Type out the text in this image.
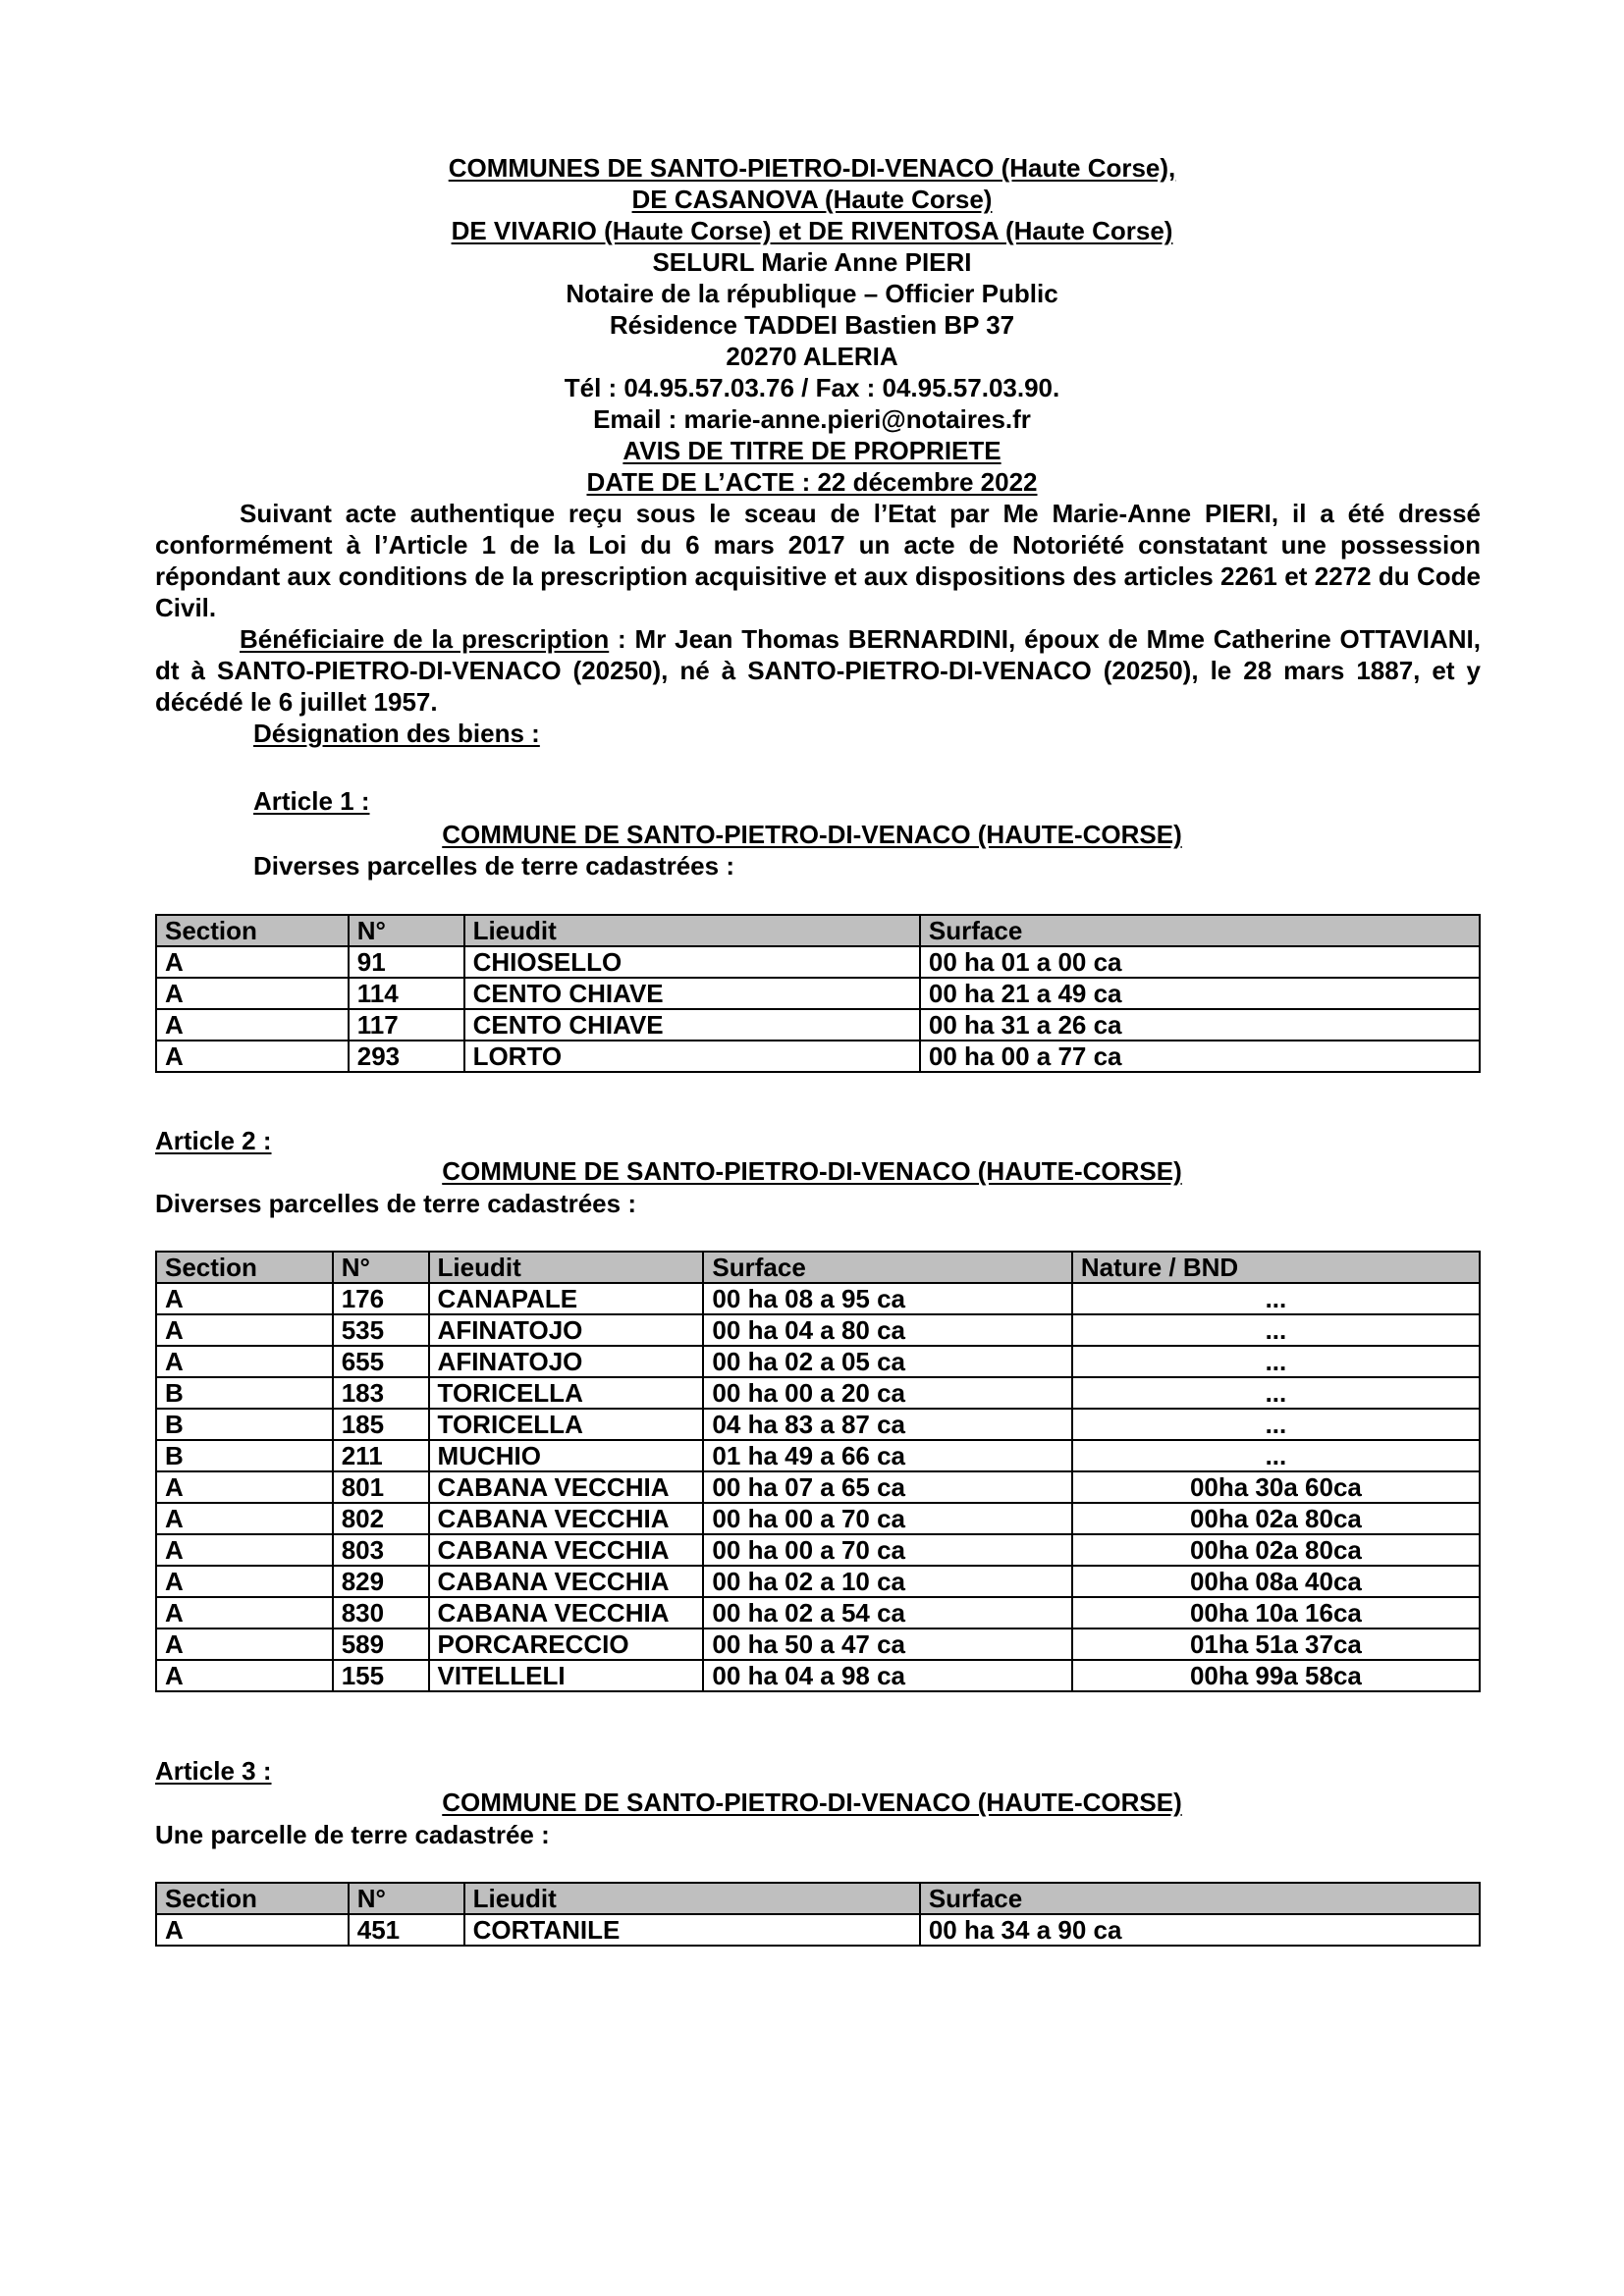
COMMUNES DE SANTO-PIETRO-DI-VENACO (Haute Corse),
DE CASANOVA (Haute Corse)
DE VIVARIO (Haute Corse) et DE RIVENTOSA (Haute Corse)
SELURL Marie Anne PIERI
Notaire de la république – Officier Public
Résidence TADDEI Bastien BP 37
20270 ALERIA
Tél : 04.95.57.03.76 / Fax : 04.95.57.03.90.
Email : marie-anne.pieri@notaires.fr
AVIS DE TITRE DE PROPRIETE
DATE DE L’ACTE : 22 décembre 2022
Suivant acte authentique reçu sous le sceau de l’Etat par Me Marie-Anne PIERI, il a été dressé conformément à l’Article 1 de la Loi du 6 mars 2017 un acte de Notoriété constatant une possession répondant aux conditions de la prescription acquisitive et aux dispositions des articles 2261 et 2272 du Code Civil.
Bénéficiaire de la prescription : Mr Jean Thomas BERNARDINI, époux de Mme Catherine OTTAVIANI, dt à SANTO-PIETRO-DI-VENACO (20250), né à SANTO-PIETRO-DI-VENACO (20250), le 28 mars 1887, et y décédé le 6 juillet 1957.
Désignation des biens :
Article 1 :
COMMUNE DE SANTO-PIETRO-DI-VENACO (HAUTE-CORSE)
Diverses parcelles de terre cadastrées :
Section	N°	Lieudit	Surface
A	91	CHIOSELLO	00 ha 01 a 00 ca
A	114	CENTO CHIAVE	00 ha 21 a 49 ca
A	117	CENTO CHIAVE	00 ha 31 a 26 ca
A	293	LORTO	00 ha 00 a 77 ca
Article 2 :
COMMUNE DE SANTO-PIETRO-DI-VENACO (HAUTE-CORSE)
Diverses parcelles de terre cadastrées :
Section	N°	Lieudit	Surface	Nature / BND
A	176	CANAPALE	00 ha 08 a 95 ca	...
A	535	AFINATOJO	00 ha 04 a 80 ca	...
A	655	AFINATOJO	00 ha 02 a 05 ca	...
B	183	TORICELLA	00 ha 00 a 20 ca	...
B	185	TORICELLA	04 ha 83 a 87 ca	...
B	211	MUCHIO	01 ha 49 a 66 ca	...
A	801	CABANA VECCHIA	00 ha 07 a 65 ca	00ha 30a 60ca
A	802	CABANA VECCHIA	00 ha 00 a 70 ca	00ha 02a 80ca
A	803	CABANA VECCHIA	00 ha 00 a 70 ca	00ha 02a 80ca
A	829	CABANA VECCHIA	00 ha 02 a 10 ca	00ha 08a 40ca
A	830	CABANA VECCHIA	00 ha 02 a 54 ca	00ha 10a 16ca
A	589	PORCARECCIO	00 ha 50 a 47 ca	01ha 51a 37ca
A	155	VITELLELI	00 ha 04 a 98 ca	00ha 99a 58ca
Article 3 :
COMMUNE DE SANTO-PIETRO-DI-VENACO (HAUTE-CORSE)
Une parcelle de terre cadastrée :
Section	N°	Lieudit	Surface
A	451	CORTANILE	00 ha 34 a 90 ca
